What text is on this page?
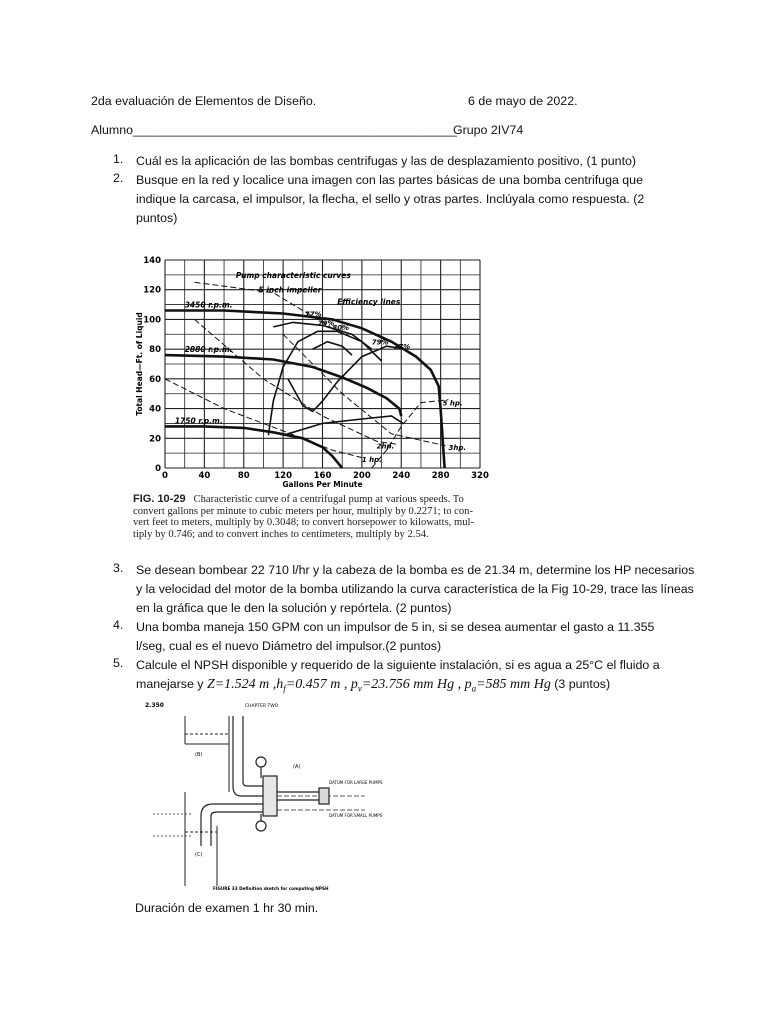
2da evaluación de Elementos de Diseño.	6 de mayo de 2022.
Alumno_______________________________________________
Grupo 2IV74
1. Cuál es la aplicación de las bombas centrifugas y las de desplazamiento positivo, (1 punto)
2. Busque en la red y localice una imagen con las partes básicas de una bomba centrifuga que indique la carcasa, el impulsor, la flecha, el sello y otras partes. Inclúyala como respuesta. (2 puntos)
0
20
40
60
80
100
120
140
0	40	80	120	160	200	240	280	320
Gallons Per Minute
Total Head—Ft. of Liquid
Pump characteristic curves
5 inch impeller
Efficiency lines
3450 r.p.m.
2880 r.p.m.
1750 r.p.m.
77%
79%
80%
79%
77%
5 hp.
3hp.
2hp.
1 hp.
FIG. 10-29 Characteristic curve of a centrifugal pump at various speeds. To
convert gallons per minute to cubic meters per hour, multiply by 0.2271; to con-
vert feet to meters, multiply by 0.3048; to convert horsepower to kilowatts, mul-
tiply by 0.746; and to convert inches to centimeters, multiply by 2.54.
3. Se desean bombear 22 710 l/hr y la cabeza de la bomba es de 21.34 m, determine los HP necesarios y la velocidad del motor de la bomba utilizando la curva característica de la Fig 10-29, trace las líneas en la gráfica que le den la solución y repórtela. (2 puntos)
4. Una bomba maneja 150 GPM con un impulsor de 5 in, si se desea aumentar el gasto a 11.355 l/seg, cual es el nuevo Diámetro del impulsor.(2 puntos)
5. Calcule el NPSH disponible y requerido de la siguiente instalación, si es agua a 25°C el fluido a manejarse y Z=1.524 m $,h_f=0.457$ m , $p_v=23.756$ mm Hg , $p_a=585$ mm Hg (3 puntos)
2.350	CHAPTER TWO
(B)
(A)
DATUM FOR LARGE PUMPS
DATUM FOR SMALL PUMPS
(C)
FIGURE 33 Definition sketch for computing NPSH
Duración de examen 1 hr 30 min.
